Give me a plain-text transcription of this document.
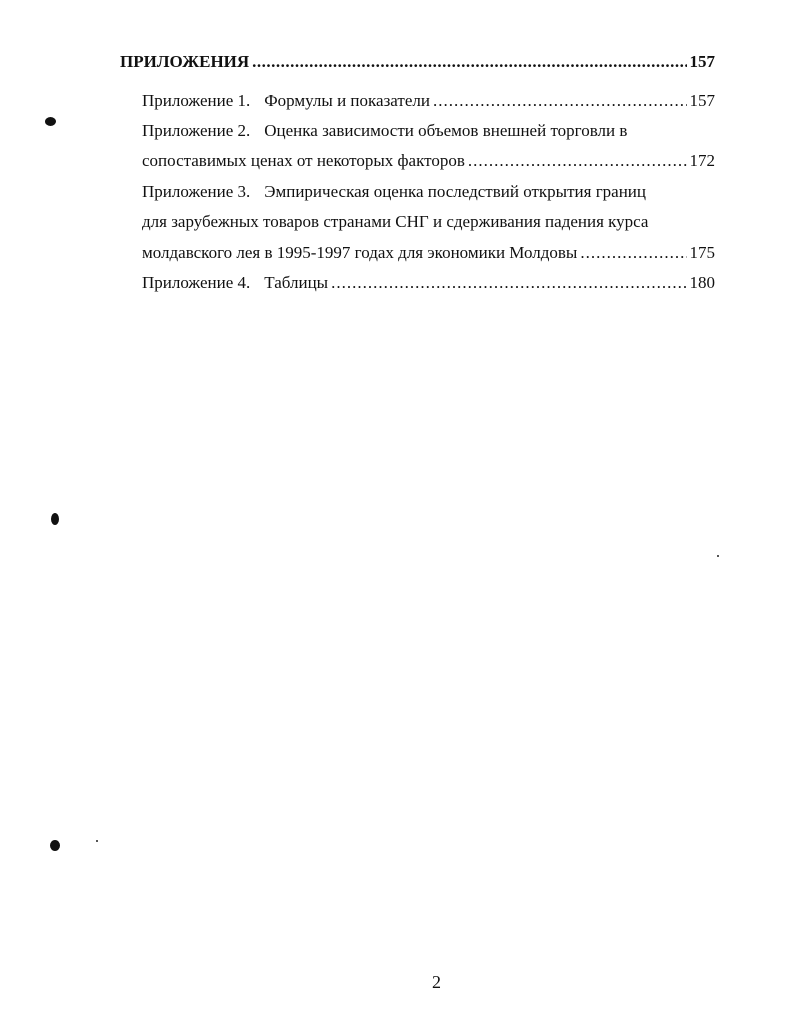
ПРИЛОЖЕНИЯ .....	157
Приложение 1. Формулы и показатели .....	157
Приложение 2. Оценка зависимости объемов внешней торговли в
сопоставимых ценах от некоторых факторов .....	172
Приложение 3. Эмпирическая оценка последствий открытия границ
для зарубежных товаров странами СНГ и сдерживания падения курса
молдавского лея в 1995-1997 годах для экономики Молдовы .....	175
Приложение 4. Таблицы .....	180
2
